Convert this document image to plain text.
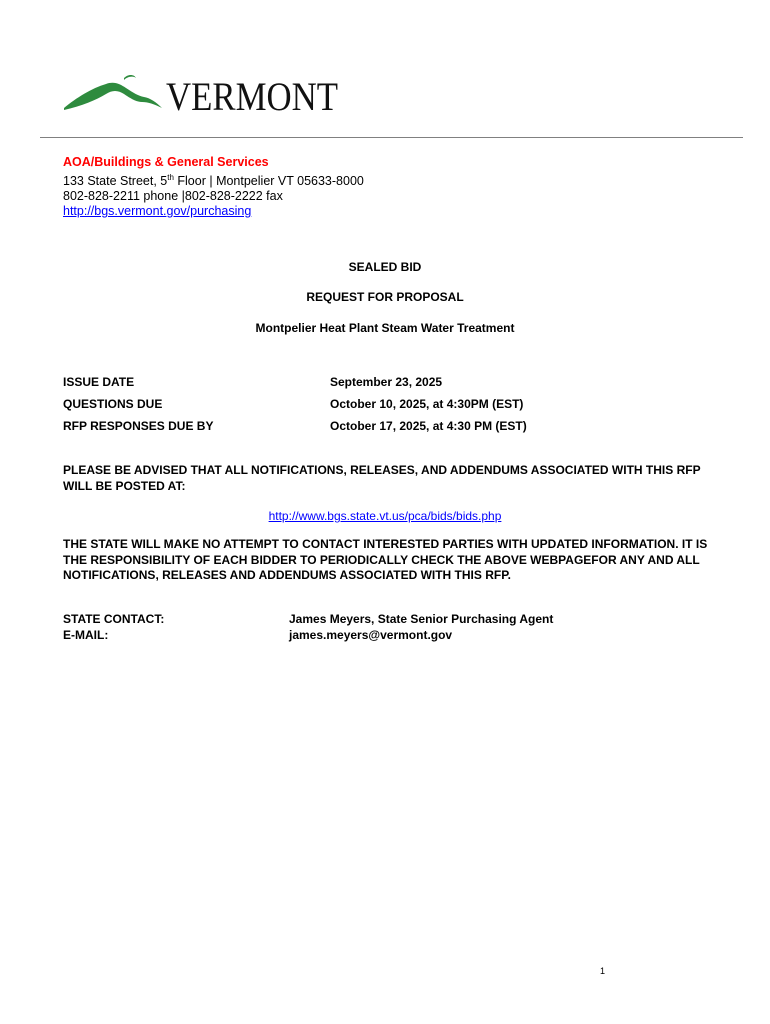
VERMONT
AOA/Buildings & General Services
133 State Street, 5th Floor | Montpelier VT 05633-8000
802-828-2211 phone |802-828-2222 fax
http://bgs.vermont.gov/purchasing
SEALED BID
REQUEST FOR PROPOSAL
Montpelier Heat Plant Steam Water Treatment
ISSUE DATE	September 23, 2025
QUESTIONS DUE	October 10, 2025, at 4:30PM (EST)
RFP RESPONSES DUE BY	October 17, 2025, at 4:30 PM (EST)
PLEASE BE ADVISED THAT ALL NOTIFICATIONS, RELEASES, AND ADDENDUMS ASSOCIATED WITH THIS RFP WILL BE POSTED AT:
http://www.bgs.state.vt.us/pca/bids/bids.php
THE STATE WILL MAKE NO ATTEMPT TO CONTACT INTERESTED PARTIES WITH UPDATED INFORMATION. IT IS THE RESPONSIBILITY OF EACH BIDDER TO PERIODICALLY CHECK THE ABOVE WEBPAGEFOR ANY AND ALL NOTIFICATIONS, RELEASES AND ADDENDUMS ASSOCIATED WITH THIS RFP.
STATE CONTACT:	James Meyers, State Senior Purchasing Agent
E-MAIL:	james.meyers@vermont.gov
1
